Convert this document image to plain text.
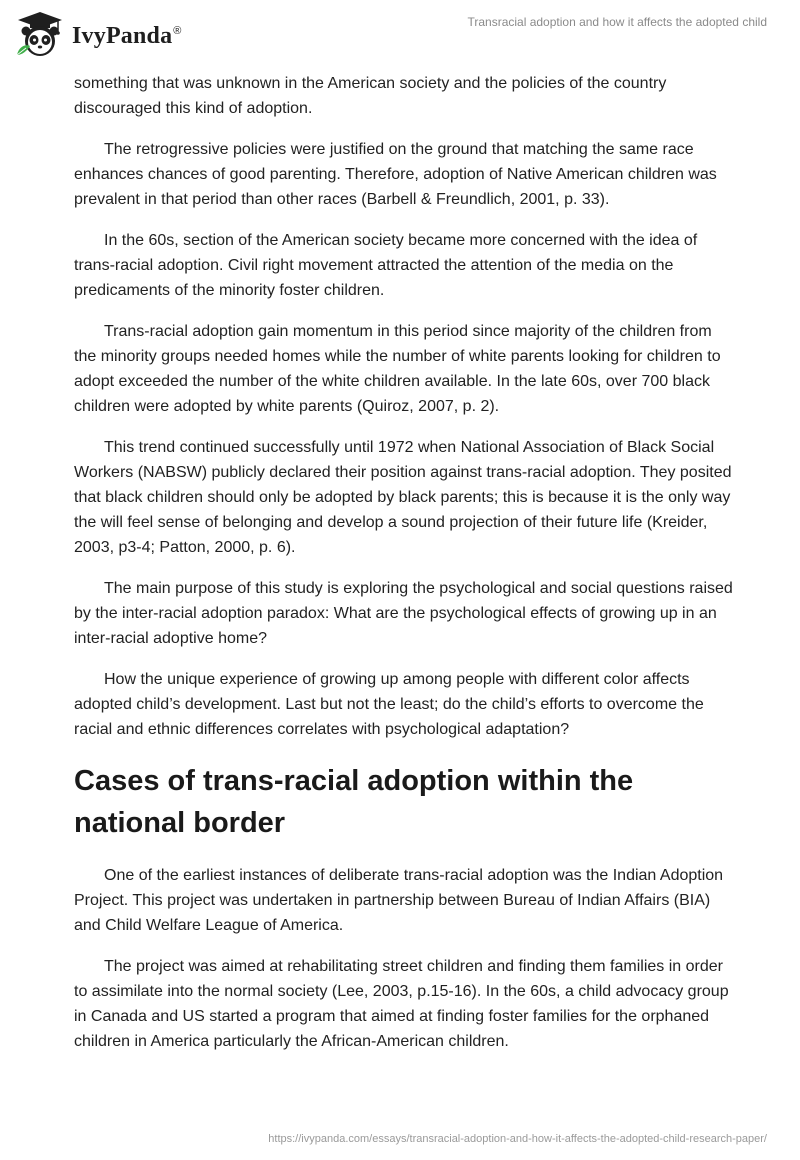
IvyPanda®
Transracial adoption and how it affects the adopted child

something that was unknown in the American society and the policies of the country discouraged this kind of adoption.

The retrogressive policies were justified on the ground that matching the same race enhances chances of good parenting. Therefore, adoption of Native American children was prevalent in that period than other races (Barbell & Freundlich, 2001, p. 33).

In the 60s, section of the American society became more concerned with the idea of trans-racial adoption. Civil right movement attracted the attention of the media on the predicaments of the minority foster children.

Trans-racial adoption gain momentum in this period since majority of the children from the minority groups needed homes while the number of white parents looking for children to adopt exceeded the number of the white children available. In the late 60s, over 700 black children were adopted by white parents (Quiroz, 2007, p. 2).

This trend continued successfully until 1972 when National Association of Black Social Workers (NABSW) publicly declared their position against trans-racial adoption. They posited that black children should only be adopted by black parents; this is because it is the only way the will feel sense of belonging and develop a sound projection of their future life (Kreider, 2003, p3-4; Patton, 2000, p. 6).

The main purpose of this study is exploring the psychological and social questions raised by the inter-racial adoption paradox: What are the psychological effects of growing up in an inter-racial adoptive home?

How the unique experience of growing up among people with different color affects adopted child’s development. Last but not the least; do the child’s efforts to overcome the racial and ethnic differences correlates with psychological adaptation?

Cases of trans-racial adoption within the national border

One of the earliest instances of deliberate trans-racial adoption was the Indian Adoption Project. This project was undertaken in partnership between Bureau of Indian Affairs (BIA) and Child Welfare League of America.

The project was aimed at rehabilitating street children and finding them families in order to assimilate into the normal society (Lee, 2003, p.15-16). In the 60s, a child advocacy group in Canada and US started a program that aimed at finding foster families for the orphaned children in America particularly the African-American children.

https://ivypanda.com/essays/transracial-adoption-and-how-it-affects-the-adopted-child-research-paper/
